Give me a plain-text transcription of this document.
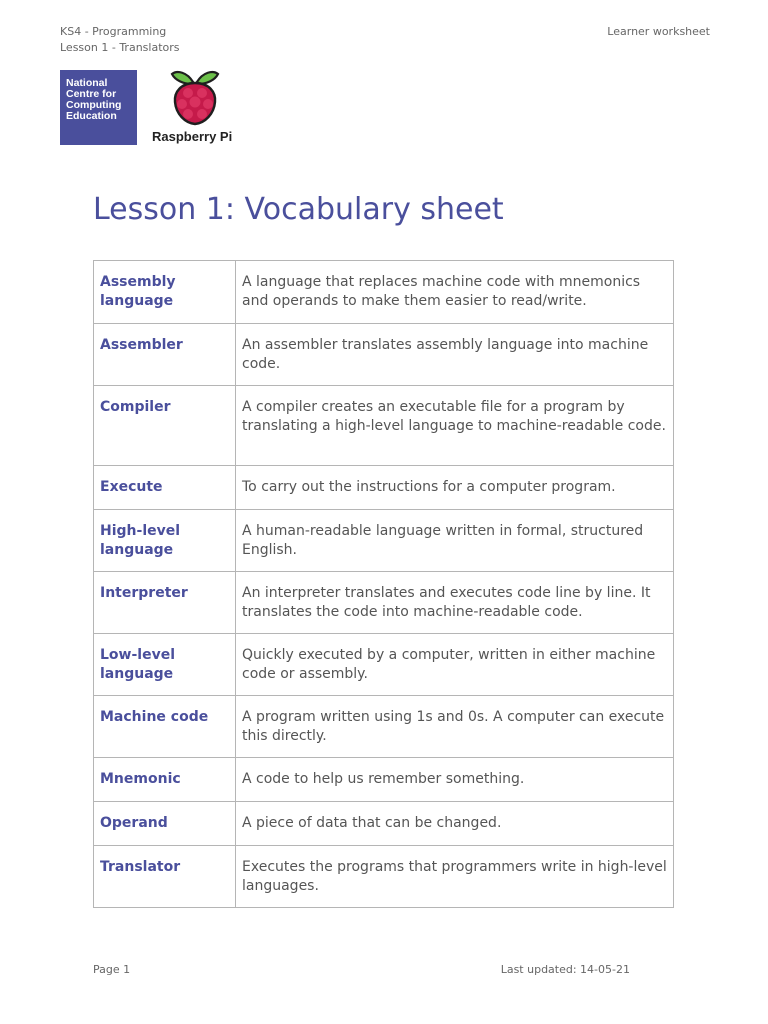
KS4 - Programming
Lesson 1 - Translators
Learner worksheet
National
Centre for
Computing
Education
Raspberry Pi
Lesson 1: Vocabulary sheet
Assembly language	A language that replaces machine code with mnemonics and operands to make them easier to read/write.
Assembler	An assembler translates assembly language into machine code.
Compiler	A compiler creates an executable file for a program by translating a high-level language to machine-readable code.
Execute	To carry out the instructions for a computer program.
High-level language	A human-readable language written in formal, structured English.
Interpreter	An interpreter translates and executes code line by line. It translates the code into machine-readable code.
Low-level language	Quickly executed by a computer, written in either machine code or assembly.
Machine code	A program written using 1s and 0s. A computer can execute this directly.
Mnemonic	A code to help us remember something.
Operand	A piece of data that can be changed.
Translator	Executes the programs that programmers write in high-level languages.
Page 1	Last updated: 14-05-21
